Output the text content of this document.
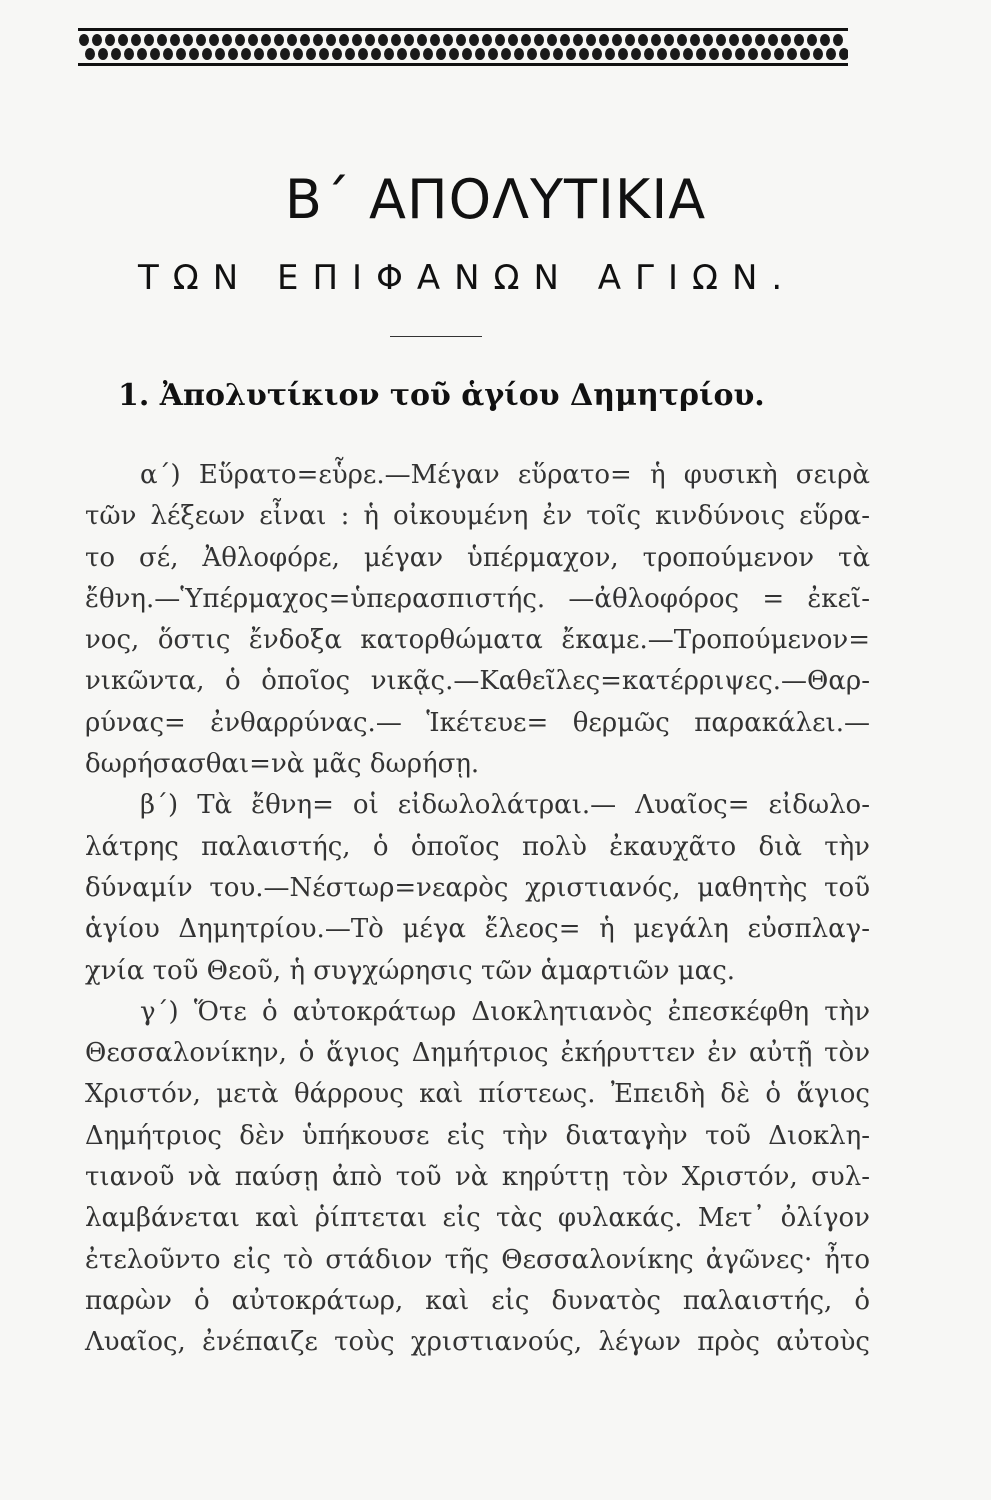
Β΄ ΑΠΟΛΥΤΙΚΙΑ
ΤΩΝ ΕΠΙΦΑΝΩΝ ΑΓΙΩΝ.
1. Ἀπολυτίκιον τοῦ ἁγίου Δημητρίου.
α΄) Εὕρατο=εὗρε.—Μέγαν εὕρατο= ἡ φυσικὴ σειρὰ
τῶν λέξεων εἶναι : ἡ οἰκουμένη ἐν τοῖς κινδύνοις εὕρα-
το σέ, Ἀθλοφόρε, μέγαν ὑπέρμαχον, τροπούμενον τὰ
ἔθνη.—Ὑπέρμαχος=ὑπερασπιστής. —ἀθλοφόρος = ἐκεῖ-
νος, ὅστις ἔνδοξα κατορθώματα ἔκαμε.—Τροπούμενον=
νικῶντα, ὁ ὁποῖος νικᾷς.—Καθεῖλες=κατέρριψες.—Θαρ-
ρύνας= ἐνθαρρύνας.— Ἱκέτευε= θερμῶς παρακάλει.—
δωρήσασθαι=νὰ μᾶς δωρήσῃ.
β΄) Τὰ ἔθνη= οἱ εἰδωλολάτραι.— Λυαῖος= εἰδωλο-
λάτρης παλαιστής, ὁ ὁποῖος πολὺ ἐκαυχᾶτο διὰ τὴν
δύναμίν του.—Νέστωρ=νεαρὸς χριστιανός, μαθητὴς τοῦ
ἁγίου Δημητρίου.—Τὸ μέγα ἔλεος= ἡ μεγάλη εὐσπλαγ-
χνία τοῦ Θεοῦ, ἡ συγχώρησις τῶν ἁμαρτιῶν μας.
γ΄) Ὅτε ὁ αὐτοκράτωρ Διοκλητιανὸς ἐπεσκέφθη τὴν
Θεσσαλονίκην, ὁ ἅγιος Δημήτριος ἐκήρυττεν ἐν αὐτῇ τὸν
Χριστόν, μετὰ θάρρους καὶ πίστεως. Ἐπειδὴ δὲ ὁ ἅγιος
Δημήτριος δὲν ὑπήκουσε εἰς τὴν διαταγὴν τοῦ Διοκλη-
τιανοῦ νὰ παύσῃ ἀπὸ τοῦ νὰ κηρύττῃ τὸν Χριστόν, συλ-
λαμβάνεται καὶ ῥίπτεται εἰς τὰς φυλακάς. Μετ᾽ ὀλίγον
ἐτελοῦντο εἰς τὸ στάδιον τῆς Θεσσαλονίκης ἀγῶνες· ἦτο
παρὼν ὁ αὐτοκράτωρ, καὶ εἰς δυνατὸς παλαιστής, ὁ
Λυαῖος, ἐνέπαιζε τοὺς χριστιανούς, λέγων πρὸς αὐτοὺς
